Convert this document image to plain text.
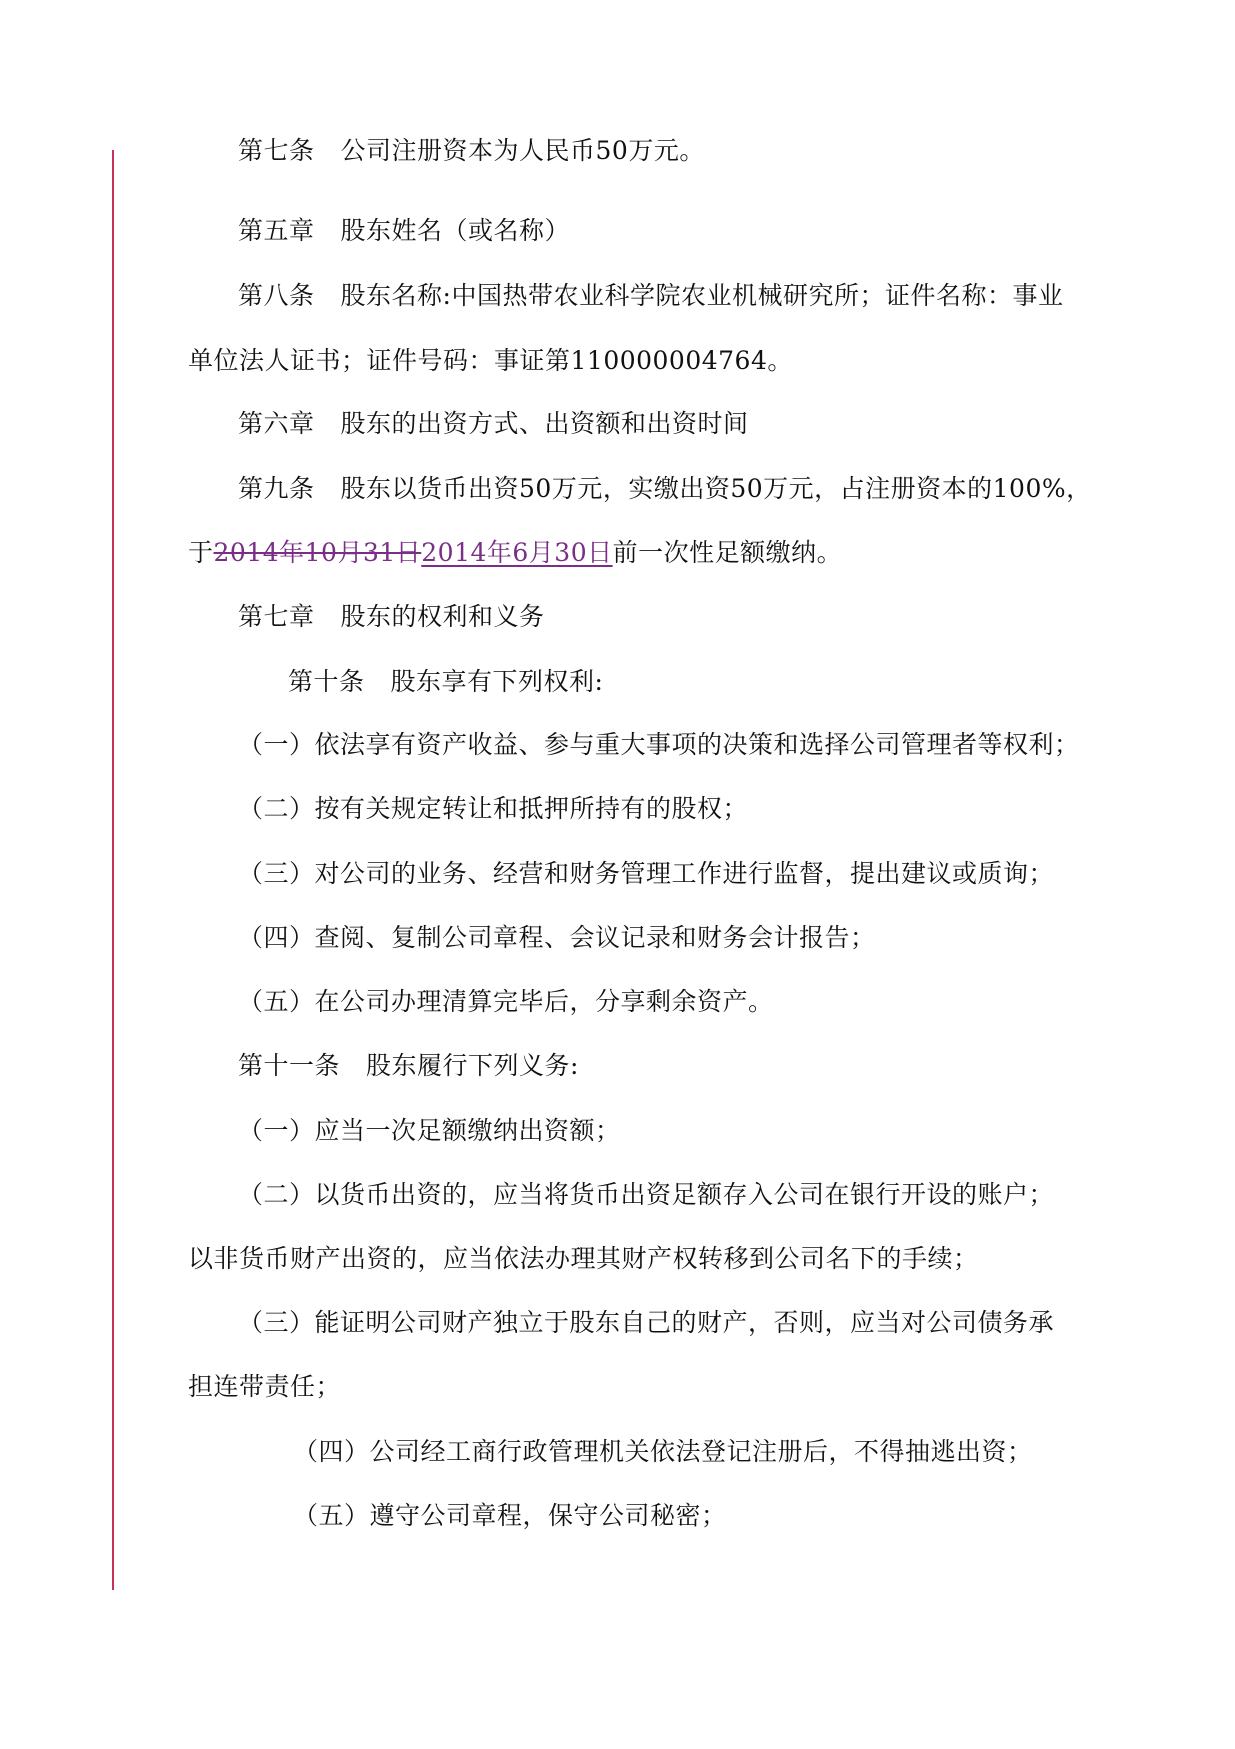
第七条 公司注册资本为人民币50万元。
第五章 股东姓名（或名称）
第八条 股东名称:中国热带农业科学院农业机械研究所；证件名称：事业
单位法人证书；证件号码：事证第110000004764。
第六章 股东的出资方式、出资额和出资时间
第九条 股东以货币出资50万元，实缴出资50万元，占注册资本的100%，
于2014年10月31日2014年6月30日前一次性足额缴纳。
第七章 股东的权利和义务
第十条 股东享有下列权利:
（一）依法享有资产收益、参与重大事项的决策和选择公司管理者等权利；
（二）按有关规定转让和抵押所持有的股权；
（三）对公司的业务、经营和财务管理工作进行监督，提出建议或质询；
（四）查阅、复制公司章程、会议记录和财务会计报告；
（五）在公司办理清算完毕后，分享剩余资产。
第十一条 股东履行下列义务:
（一）应当一次足额缴纳出资额；
（二）以货币出资的，应当将货币出资足额存入公司在银行开设的账户；
以非货币财产出资的，应当依法办理其财产权转移到公司名下的手续；
（三）能证明公司财产独立于股东自己的财产，否则，应当对公司债务承
担连带责任；
（四）公司经工商行政管理机关依法登记注册后，不得抽逃出资；
（五）遵守公司章程，保守公司秘密；
